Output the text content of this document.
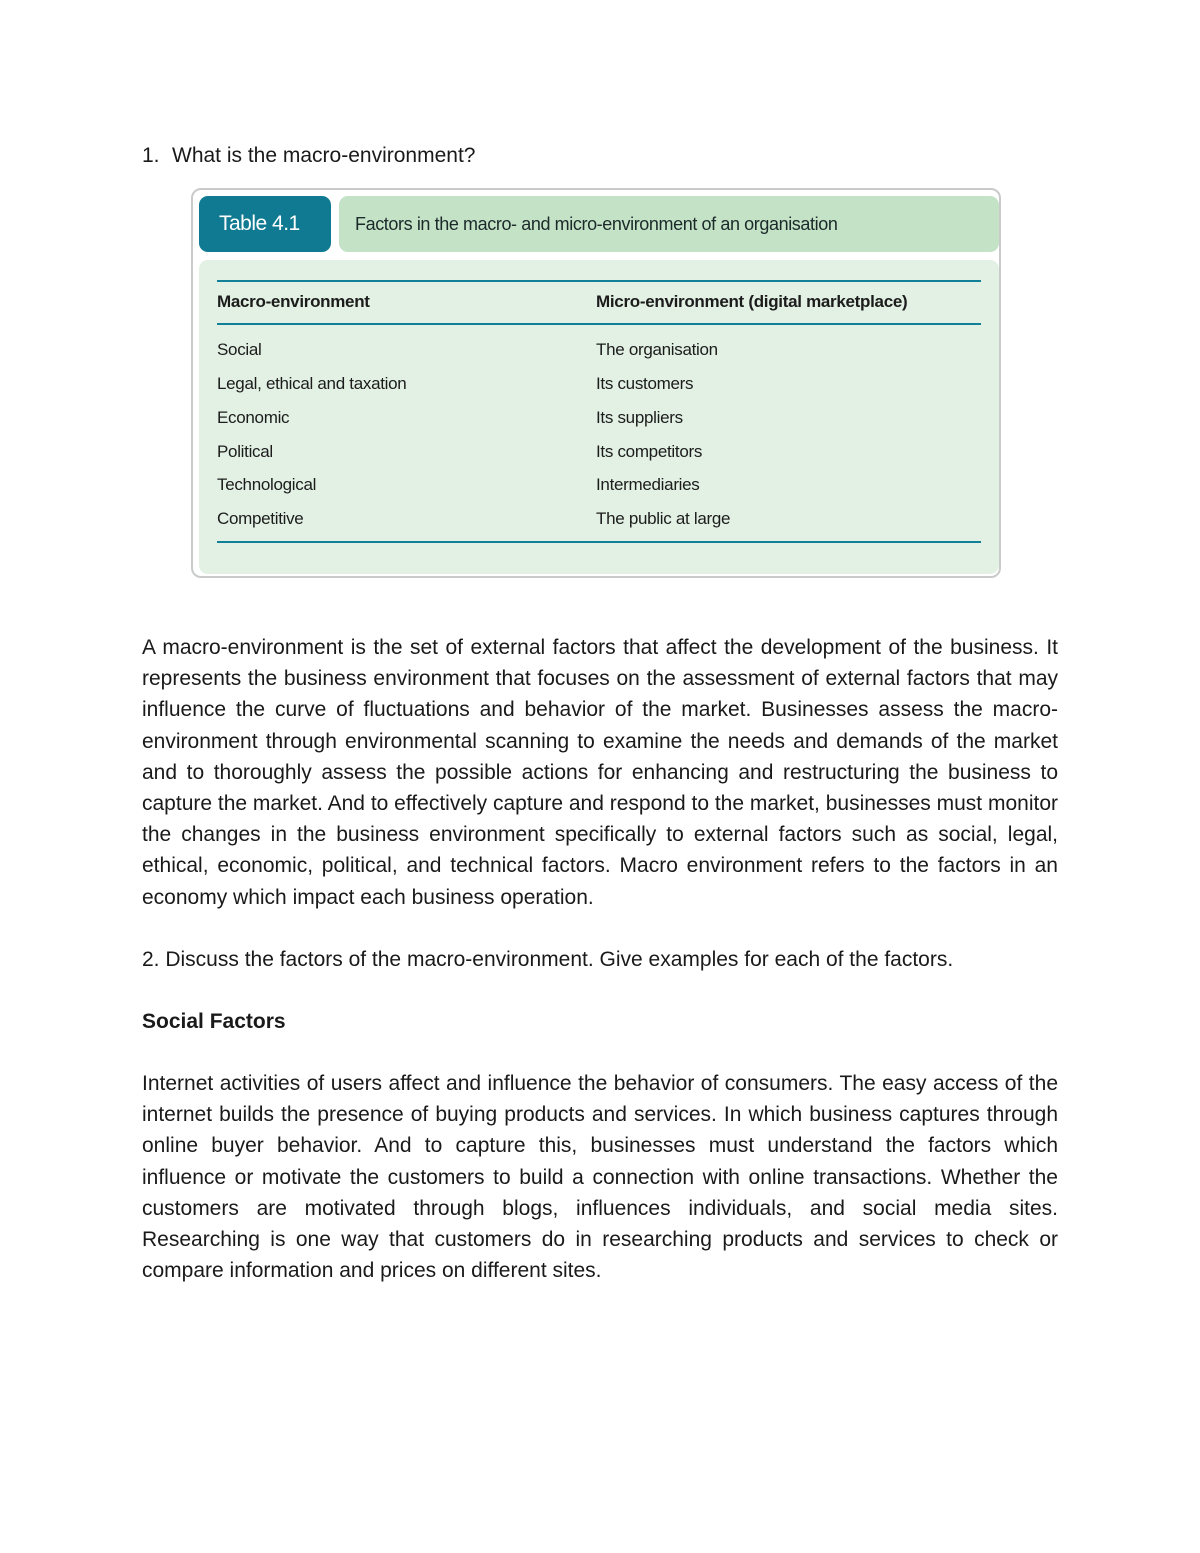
1. What is the macro-environment?
Table 4.1	Factors in the macro- and micro-environment of an organisation
Macro-environment	Micro-environment (digital marketplace)
Social	The organisation
Legal, ethical and taxation	Its customers
Economic	Its suppliers
Political	Its competitors
Technological	Intermediaries
Competitive	The public at large

A macro-environment is the set of external factors that affect the development of the business. It represents the business environment that focuses on the assessment of external factors that may influence the curve of fluctuations and behavior of the market. Businesses assess the macro-environment through environmental scanning to examine the needs and demands of the market and to thoroughly assess the possible actions for enhancing and restructuring the business to capture the market. And to effectively capture and respond to the market, businesses must monitor the changes in the business environment specifically to external factors such as social, legal, ethical, economic, political, and technical factors. Macro environment refers to the factors in an economy which impact each business operation.

2. Discuss the factors of the macro-environment. Give examples for each of the factors.

Social Factors

Internet activities of users affect and influence the behavior of consumers. The easy access of the internet builds the presence of buying products and services. In which business captures through online buyer behavior. And to capture this, businesses must understand the factors which influence or motivate the customers to build a connection with online transactions. Whether the customers are motivated through blogs, influences individuals, and social media sites. Researching is one way that customers do in researching products and services to check or compare information and prices on different sites.
